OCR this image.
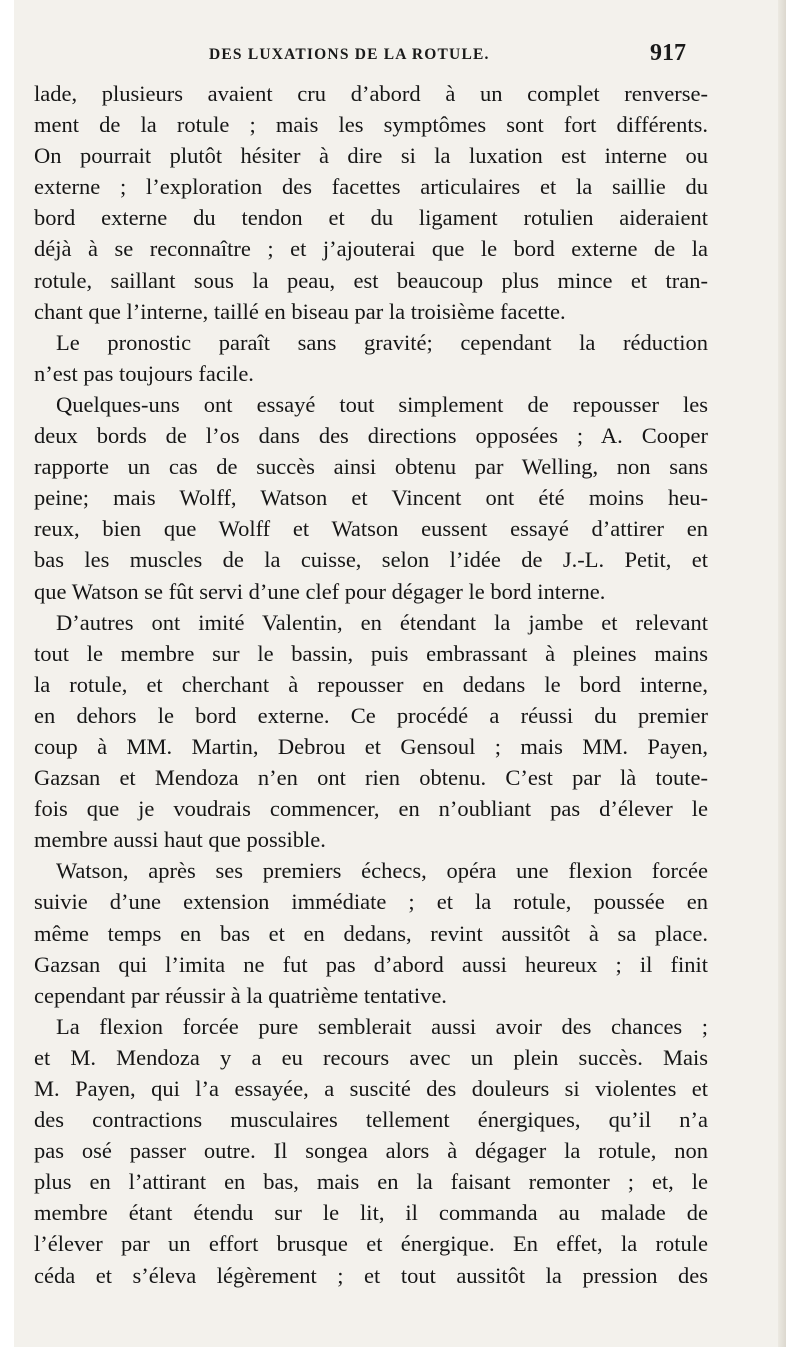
DES LUXATIONS DE LA ROTULE.	917
lade, plusieurs avaient cru d’abord à un complet renverse-
ment de la rotule ; mais les symptômes sont fort différents.
On pourrait plutôt hésiter à dire si la luxation est interne ou
externe ; l’exploration des facettes articulaires et la saillie du
bord externe du tendon et du ligament rotulien aideraient
déjà à se reconnaître ; et j’ajouterai que le bord externe de la
rotule, saillant sous la peau, est beaucoup plus mince et tran-
chant que l’interne, taillé en biseau par la troisième facette.
Le pronostic paraît sans gravité; cependant la réduction
n’est pas toujours facile.
Quelques-uns ont essayé tout simplement de repousser les
deux bords de l’os dans des directions opposées ; A. Cooper
rapporte un cas de succès ainsi obtenu par Welling, non sans
peine; mais Wolff, Watson et Vincent ont été moins heu-
reux, bien que Wolff et Watson eussent essayé d’attirer en
bas les muscles de la cuisse, selon l’idée de J.-L. Petit, et
que Watson se fût servi d’une clef pour dégager le bord interne.
D’autres ont imité Valentin, en étendant la jambe et relevant
tout le membre sur le bassin, puis embrassant à pleines mains
la rotule, et cherchant à repousser en dedans le bord interne,
en dehors le bord externe. Ce procédé a réussi du premier
coup à MM. Martin, Debrou et Gensoul ; mais MM. Payen,
Gazsan et Mendoza n’en ont rien obtenu. C’est par là toute-
fois que je voudrais commencer, en n’oubliant pas d’élever le
membre aussi haut que possible.
Watson, après ses premiers échecs, opéra une flexion forcée
suivie d’une extension immédiate ; et la rotule, poussée en
même temps en bas et en dedans, revint aussitôt à sa place.
Gazsan qui l’imita ne fut pas d’abord aussi heureux ; il finit
cependant par réussir à la quatrième tentative.
La flexion forcée pure semblerait aussi avoir des chances ;
et M. Mendoza y a eu recours avec un plein succès. Mais
M. Payen, qui l’a essayée, a suscité des douleurs si violentes et
des contractions musculaires tellement énergiques, qu’il n’a
pas osé passer outre. Il songea alors à dégager la rotule, non
plus en l’attirant en bas, mais en la faisant remonter ; et, le
membre étant étendu sur le lit, il commanda au malade de
l’élever par un effort brusque et énergique. En effet, la rotule
céda et s’éleva légèrement ; et tout aussitôt la pression des
